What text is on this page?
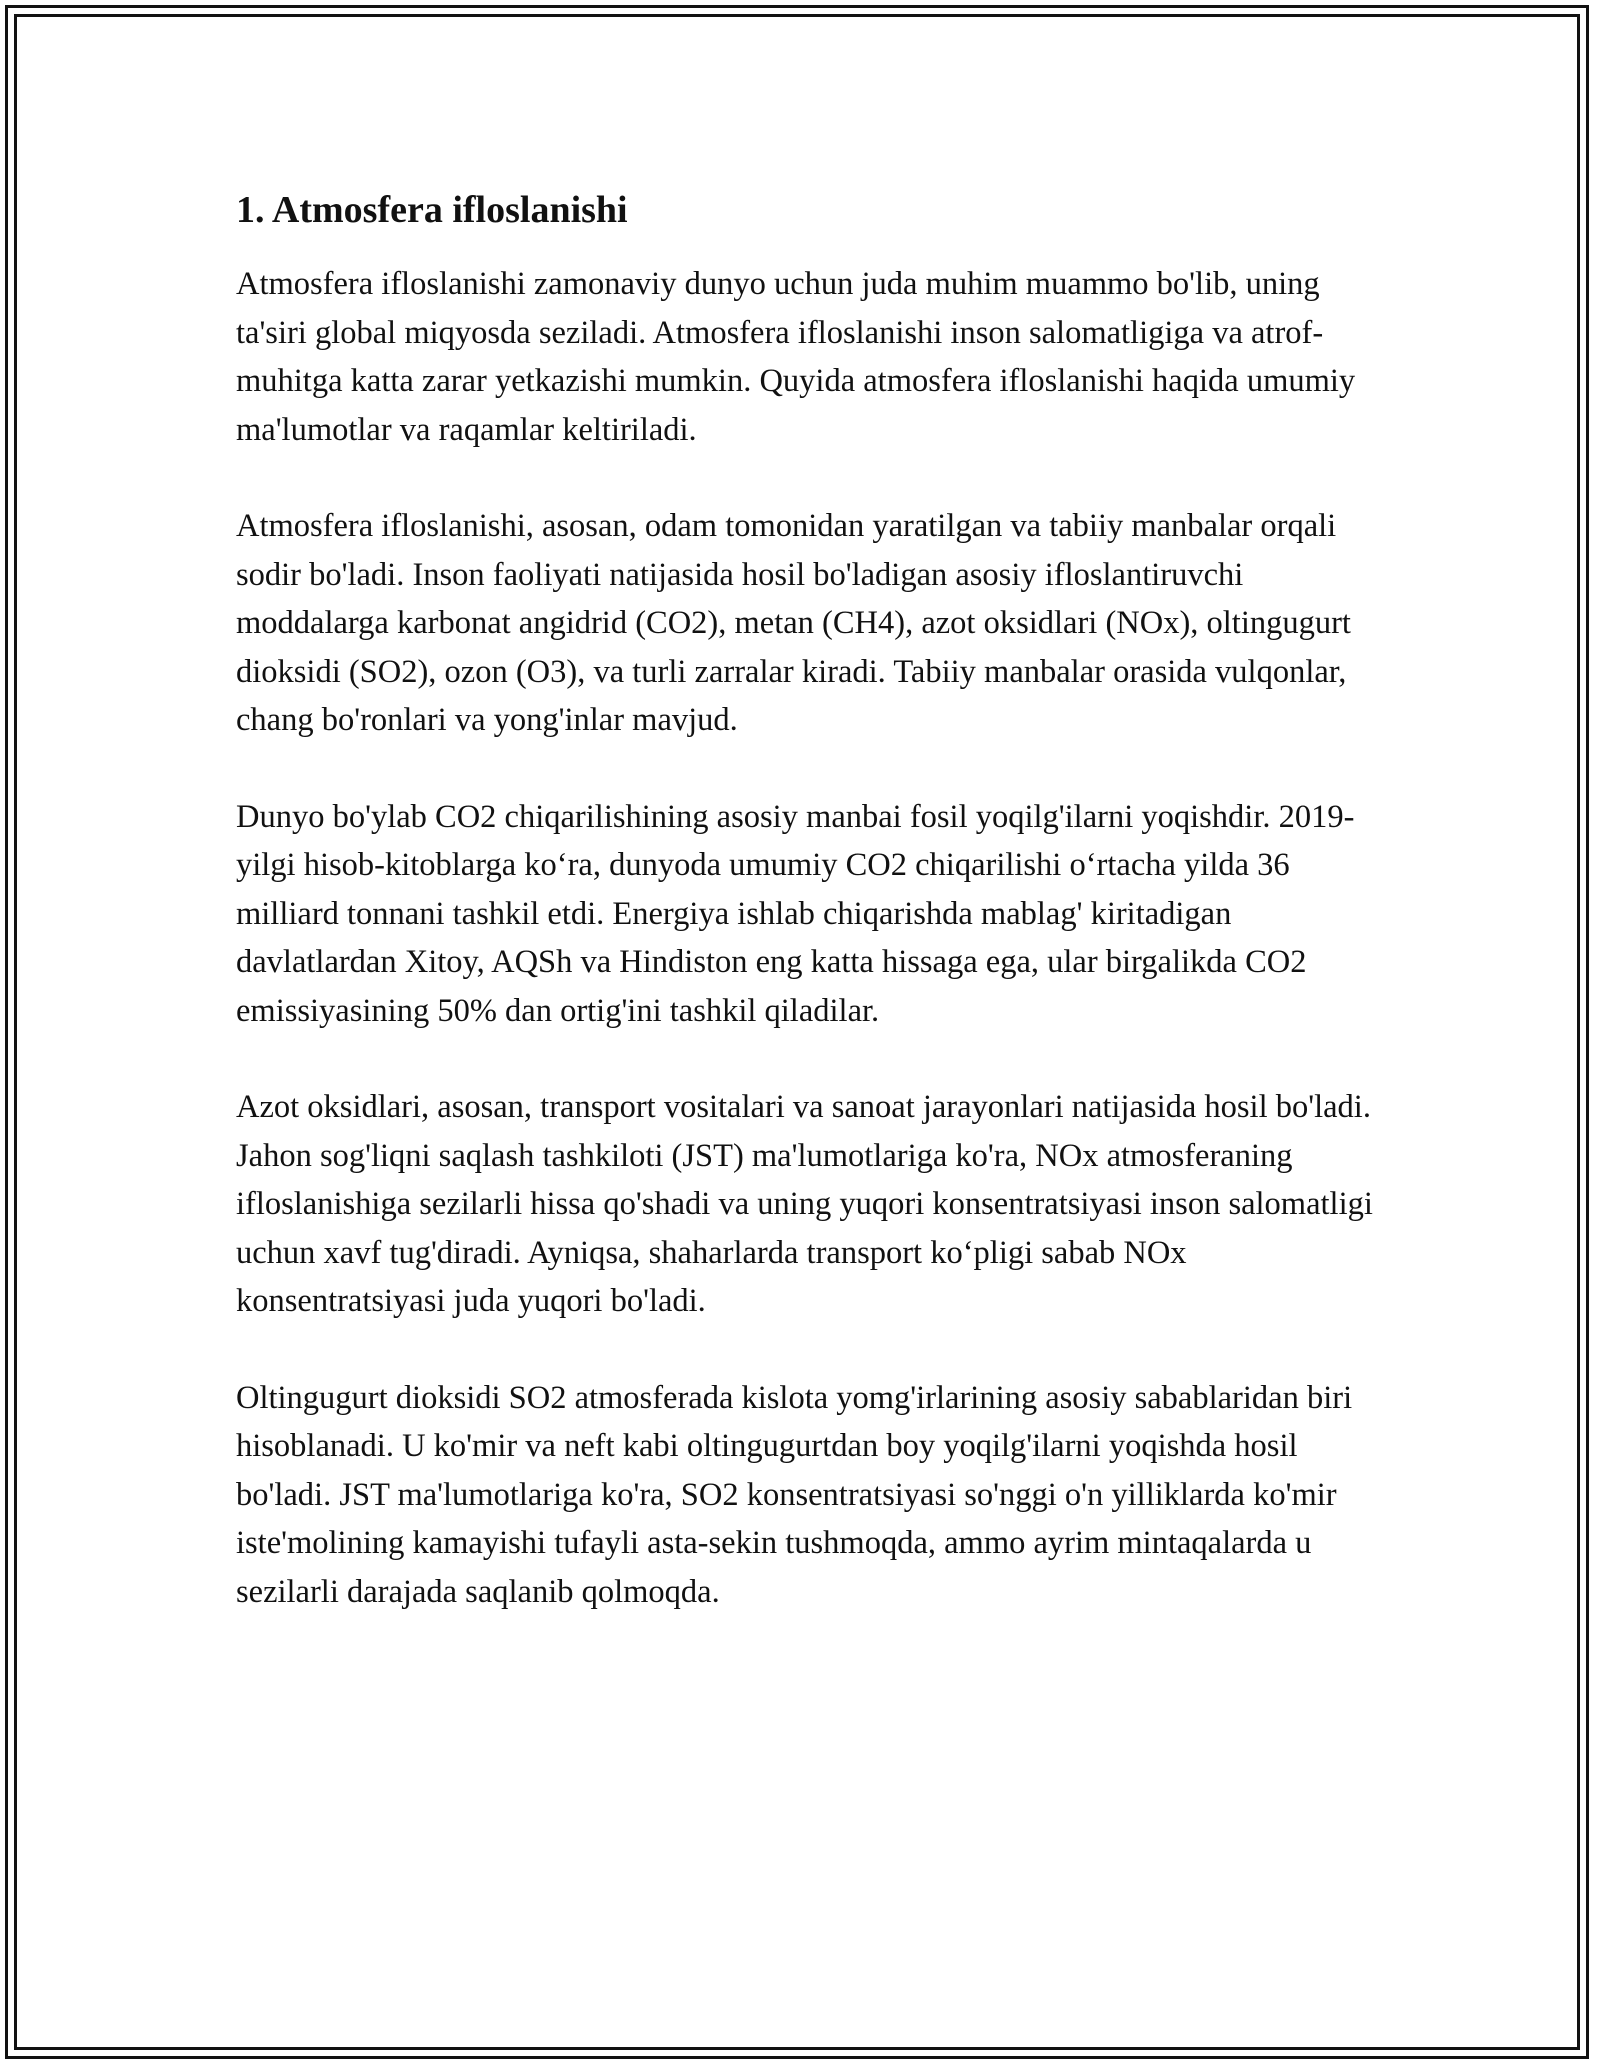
1. Atmosfera ifloslanishi

Atmosfera ifloslanishi zamonaviy dunyo uchun juda muhim muammo bo'lib, uning ta'siri global miqyosda seziladi. Atmosfera ifloslanishi inson salomatligiga va atrof-muhitga katta zarar yetkazishi mumkin. Quyida atmosfera ifloslanishi haqida umumiy ma'lumotlar va raqamlar keltiriladi.

Atmosfera ifloslanishi, asosan, odam tomonidan yaratilgan va tabiiy manbalar orqali sodir bo'ladi. Inson faoliyati natijasida hosil bo'ladigan asosiy ifloslantiruvchi moddalarga karbonat angidrid (CO2), metan (CH4), azot oksidlari (NOx), oltingugurt dioksidi (SO2), ozon (O3), va turli zarralar kiradi. Tabiiy manbalar orasida vulqonlar, chang bo'ronlari va yong'inlar mavjud.

Dunyo bo'ylab CO2 chiqarilishining asosiy manbai fosil yoqilg'ilarni yoqishdir. 2019-yilgi hisob-kitoblarga ko‘ra, dunyoda umumiy CO2 chiqarilishi o‘rtacha yilda 36 milliard tonnani tashkil etdi. Energiya ishlab chiqarishda mablag' kiritadigan davlatlardan Xitoy, AQSh va Hindiston eng katta hissaga ega, ular birgalikda CO2 emissiyasining 50% dan ortig'ini tashkil qiladilar.

Azot oksidlari, asosan, transport vositalari va sanoat jarayonlari natijasida hosil bo'ladi. Jahon sog'liqni saqlash tashkiloti (JST) ma'lumotlariga ko'ra, NOx atmosferaning ifloslanishiga sezilarli hissa qo'shadi va uning yuqori konsentratsiyasi inson salomatligi uchun xavf tug'diradi. Ayniqsa, shaharlarda transport ko‘pligi sabab NOx konsentratsiyasi juda yuqori bo'ladi.

Oltingugurt dioksidi SO2 atmosferada kislota yomg'irlarining asosiy sabablaridan biri hisoblanadi. U ko'mir va neft kabi oltingugurtdan boy yoqilg'ilarni yoqishda hosil bo'ladi. JST ma'lumotlariga ko'ra, SO2 konsentratsiyasi so'nggi o'n yilliklarda ko'mir iste'molining kamayishi tufayli asta-sekin tushmoqda, ammo ayrim mintaqalarda u sezilarli darajada saqlanib qolmoqda.
